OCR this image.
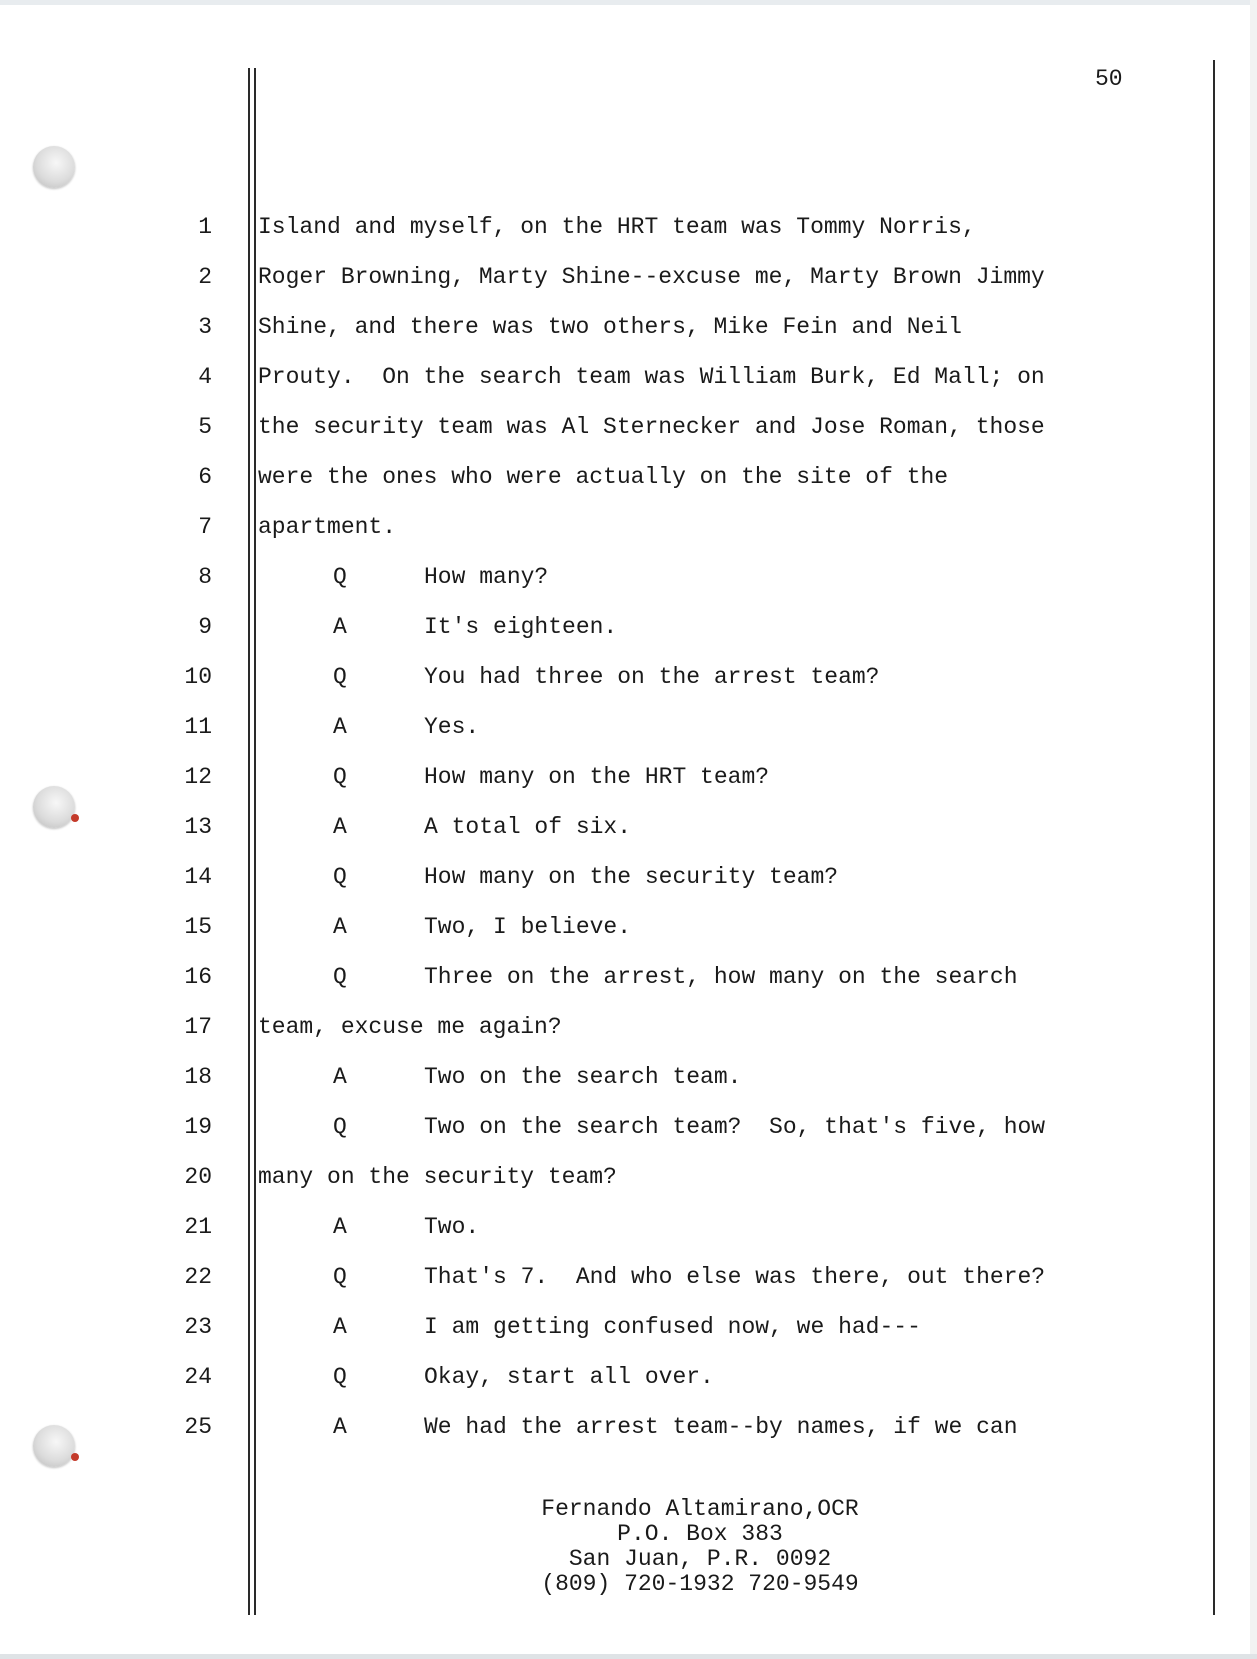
50
1 Island and myself, on the HRT team was Tommy Norris,
2 Roger Browning, Marty Shine--excuse me, Marty Brown Jimmy
3 Shine, and there was two others, Mike Fein and Neil
4 Prouty.  On the search team was William Burk, Ed Mall; on
5 the security team was Al Sternecker and Jose Roman, those
6 were the ones who were actually on the site of the
7 apartment.
8	Q	How many?
9	A	It's eighteen.
10	Q	You had three on the arrest team?
11	A	Yes.
12	Q	How many on the HRT team?
13	A	A total of six.
14	Q	How many on the security team?
15	A	Two, I believe.
16	Q	Three on the arrest, how many on the search
17 team, excuse me again?
18	A	Two on the search team.
19	Q	Two on the search team?  So, that's five, how
20 many on the security team?
21	A	Two.
22	Q	That's 7.  And who else was there, out there?
23	A	I am getting confused now, we had---
24	Q	Okay, start all over.
25	A	We had the arrest team--by names, if we can
Fernando Altamirano,OCR
P.O. Box 383
San Juan, P.R. 0092
(809) 720-1932 720-9549
